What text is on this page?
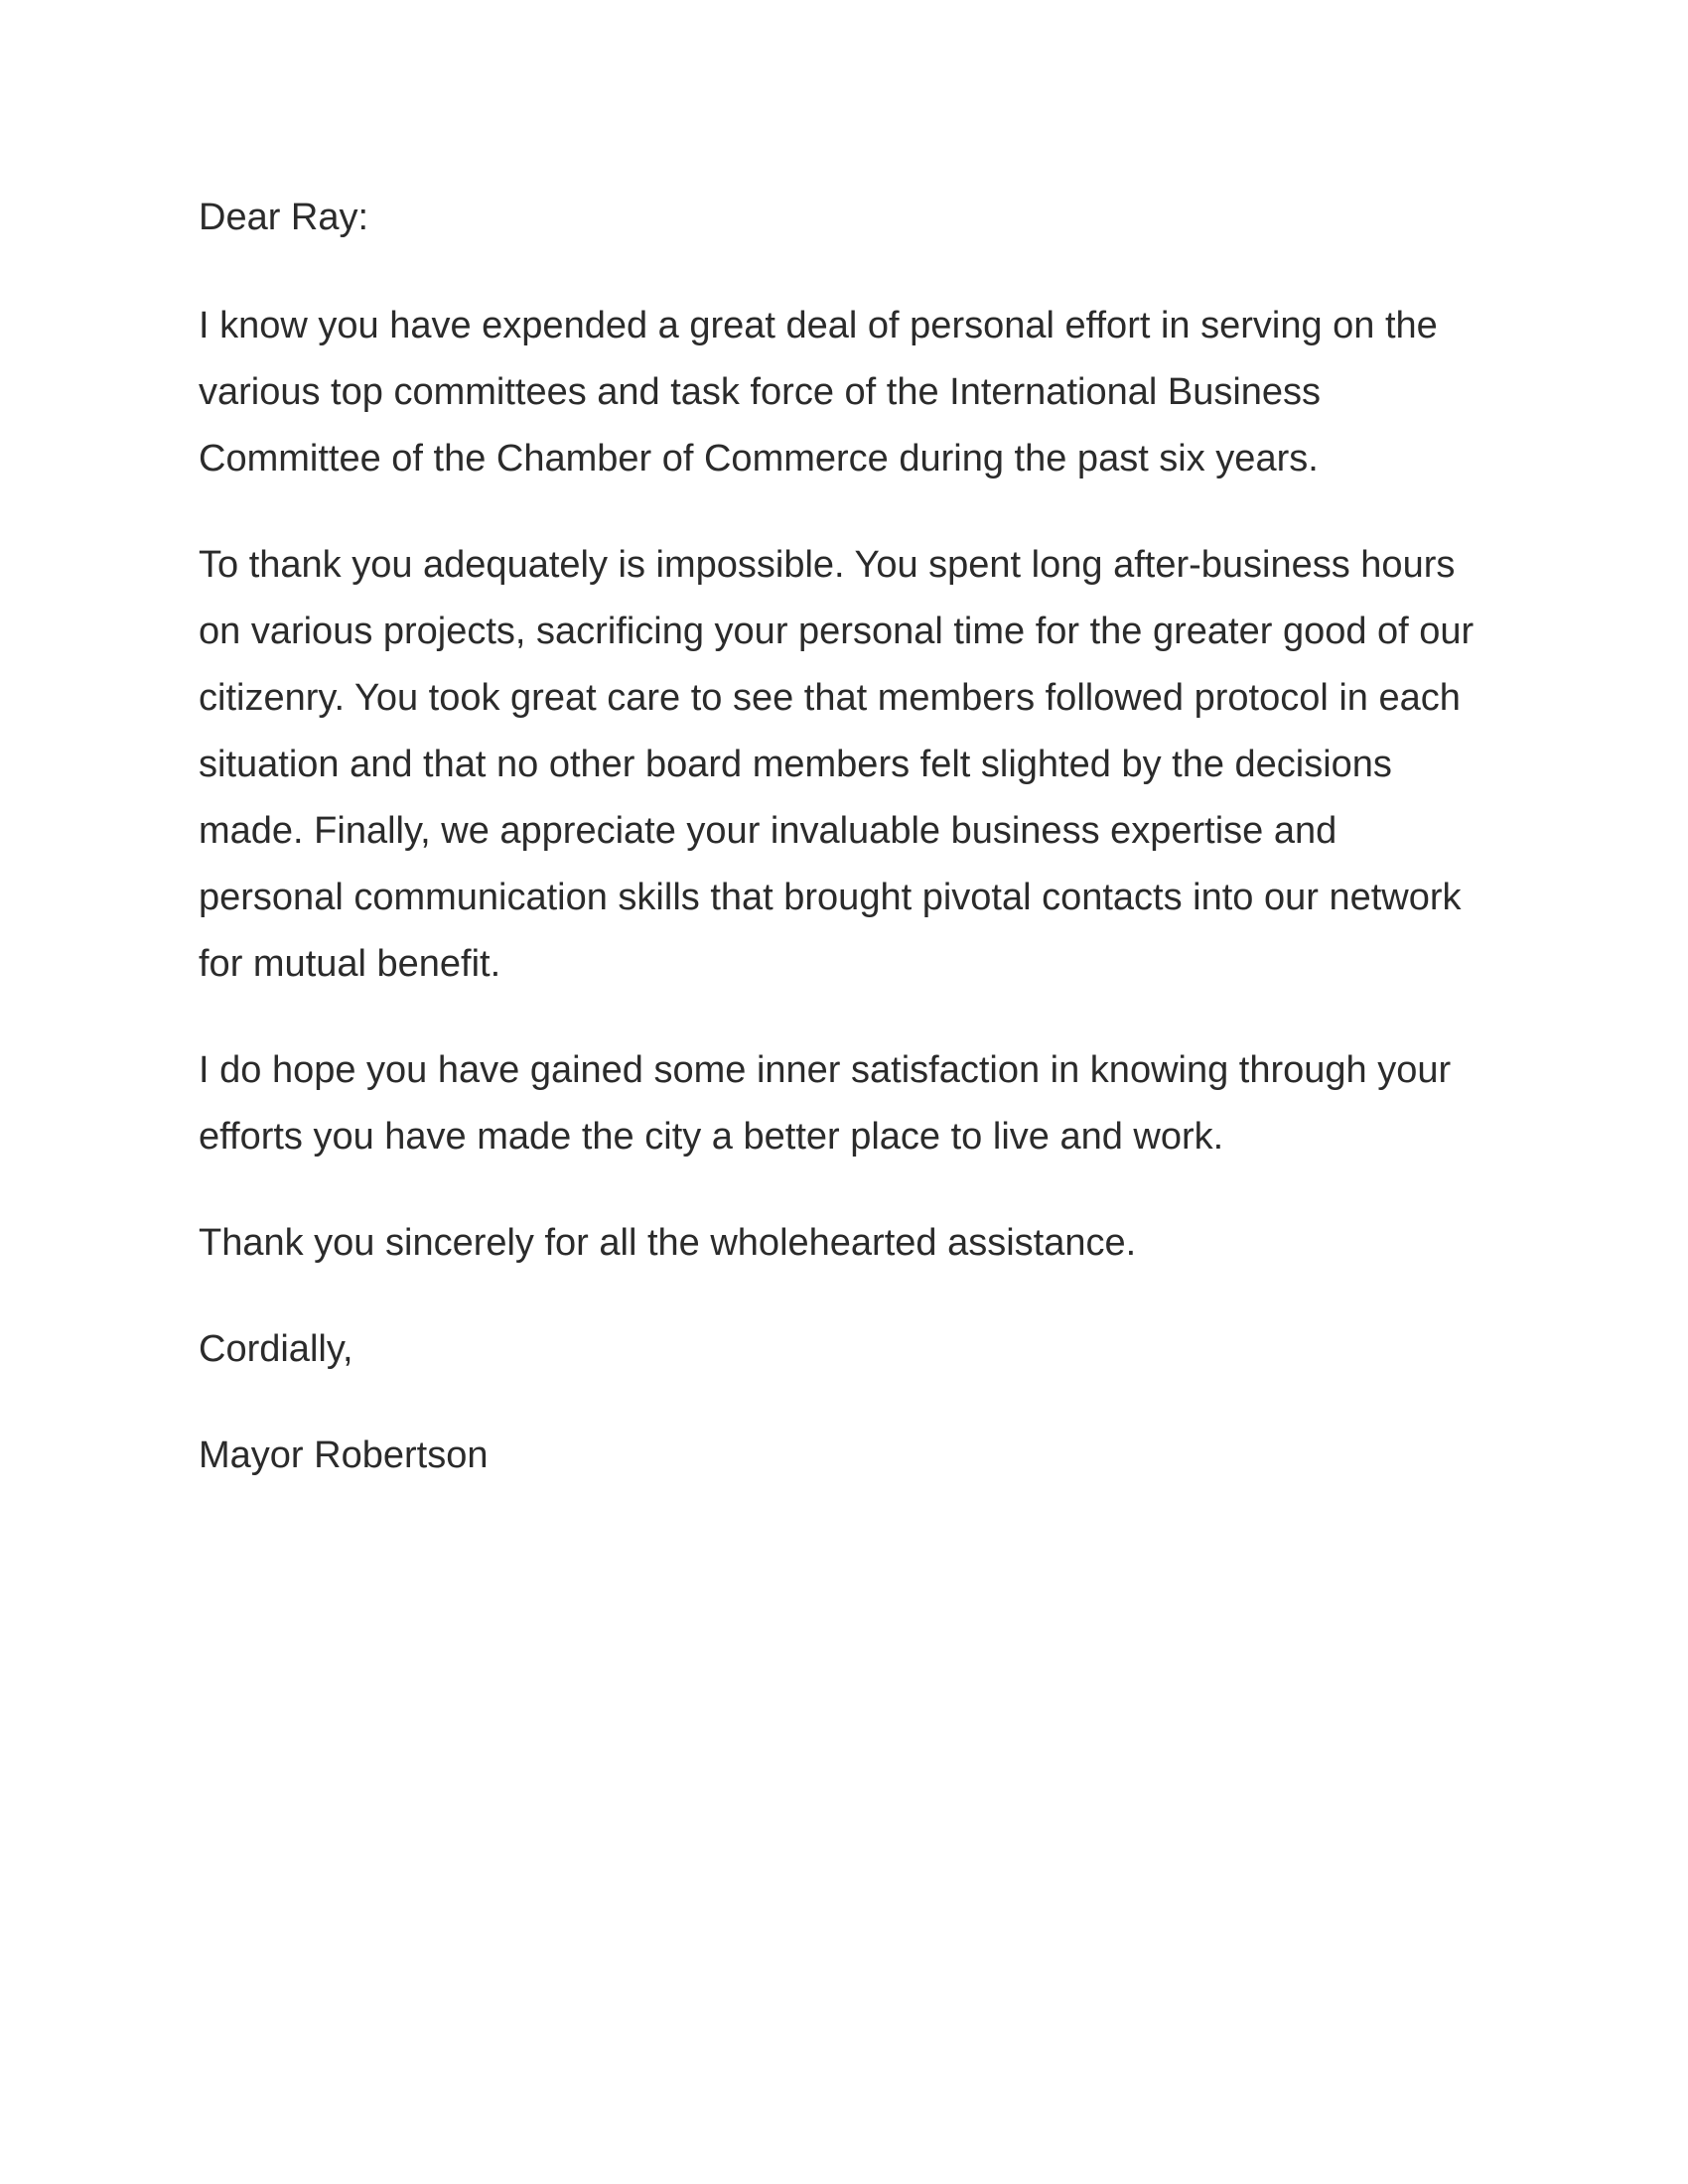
Dear Ray:

I know you have expended a great deal of personal effort in serving on the various top committees and task force of the International Business Committee of the Chamber of Commerce during the past six years.

To thank you adequately is impossible. You spent long after-business hours on various projects, sacrificing your personal time for the greater good of our citizenry. You took great care to see that members followed protocol in each situation and that no other board members felt slighted by the decisions made. Finally, we appreciate your invaluable business expertise and personal communication skills that brought pivotal contacts into our network for mutual benefit.

I do hope you have gained some inner satisfaction in knowing through your efforts you have made the city a better place to live and work.

Thank you sincerely for all the wholehearted assistance.

Cordially,

Mayor Robertson
